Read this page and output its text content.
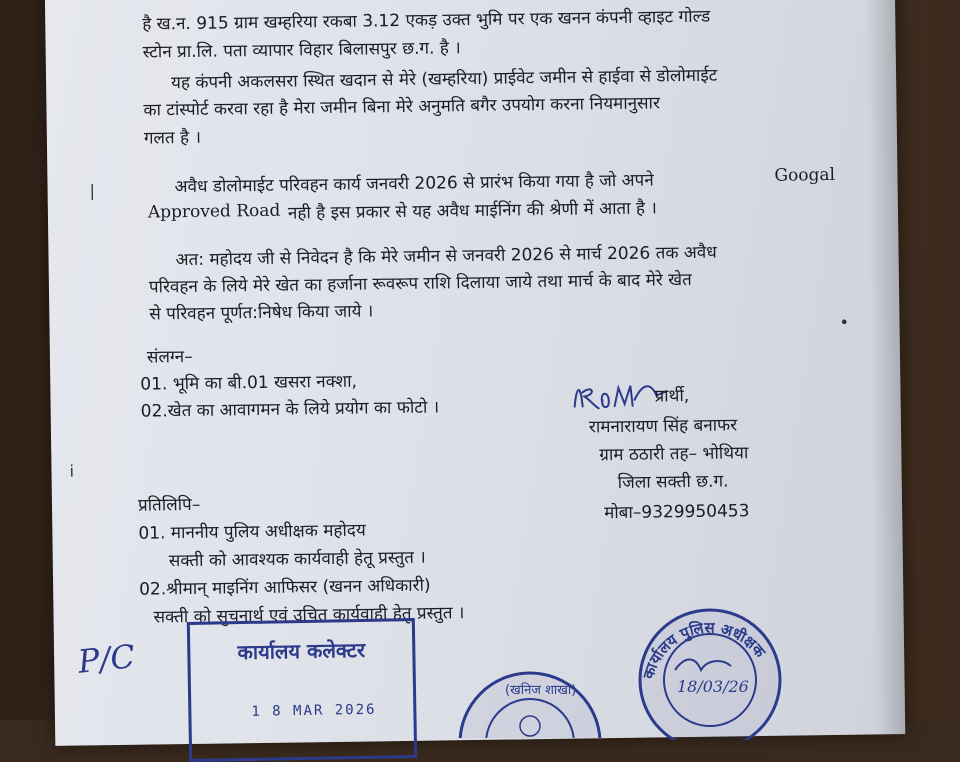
है ख.न. 915 ग्राम खम्हरिया रकबा 3.12 एकड़ उक्त भुमि पर एक खनन कंपनी व्हाइट गोल्ड
स्टोन प्रा.लि. पता व्यापार विहार बिलासपुर छ.ग. है ।
यह कंपनी अकलसरा स्थित खदान से मेरे (खम्हरिया) प्राईवेट जमीन से हाईवा से डोलोमाईट
का टांस्पोर्ट करवा रहा है मेरा जमीन बिना मेरे अनुमति बगैर उपयोग करना नियमानुसार
गलत है ।
अवैध डोलोमाईट परिवहन कार्य जनवरी 2026 से प्रारंभ किया गया है जो अपने	Googal
Approved Road नही है इस प्रकार से यह अवैध माईनिंग की श्रेणी में आता है ।
अत: महोदय जी से निवेदन है कि मेरे जमीन से जनवरी 2026 से मार्च 2026 तक अवैध
परिवहन के लिये मेरे खेत का हर्जाना रूवरूप राशि दिलाया जाये तथा मार्च के बाद मेरे खेत
से परिवहन पूर्णत:निषेध किया जाये ।
|
•
संलग्न–
01. भूमि का बी.01 खसरा नक्शा,
02.खेत का आवागमन के लिये प्रयोग का फोटो ।
प्रार्थी,
रामनारायण सिंह बनाफर
ग्राम ठठारी तह– भोथिया
जिला सक्ती छ.ग.
मोबा–9329950453
i
प्रतिलिपि–
01. माननीय पुलिय अधीक्षक महोदय
सक्ती को आवश्यक कार्यवाही हेतू प्रस्तुत ।
02.श्रीमान् माइनिंग आफिसर (खनन अधिकारी)
सक्ती को सुचनार्थ एवं उचित कार्यवाही हेतू प्रस्तुत ।
P/C	कार्यालय कलेक्टर
1 8 MAR 2026
(खनिज शाखा)
कार्यालय पुलिस अधीक्षक
18/03/26
